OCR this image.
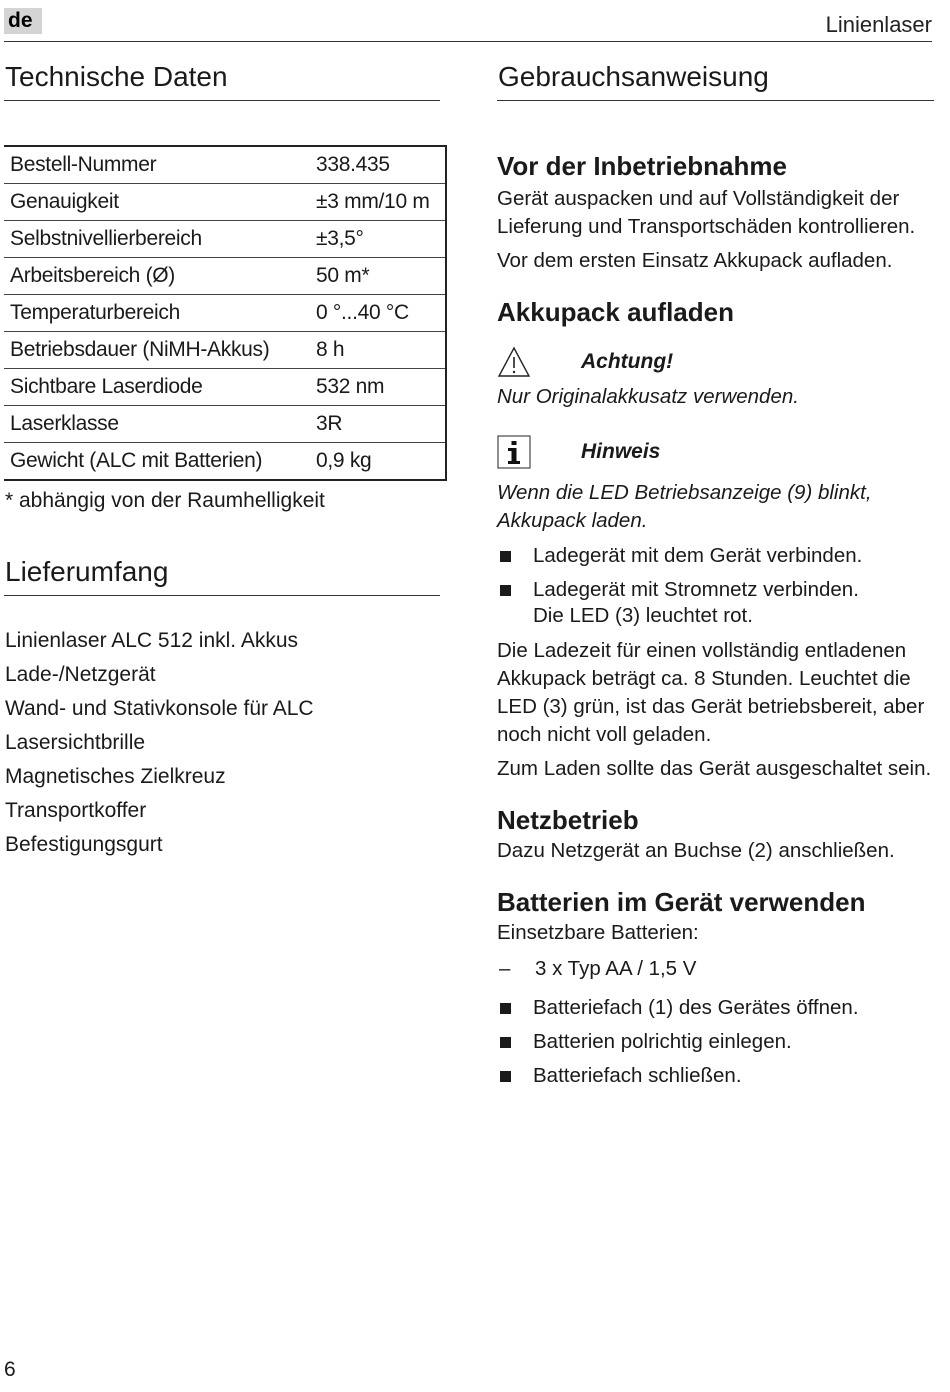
de	Linienlaser
Technische Daten
Bestell-Nummer	338.435
Genauigkeit	±3 mm/10 m
Selbstnivellierbereich	±3,5°
Arbeitsbereich (Ø)	50 m*
Temperaturbereich	0 °...40 °C
Betriebsdauer (NiMH-Akkus)	8 h
Sichtbare Laserdiode	532 nm
Laserklasse	3R
Gewicht (ALC mit Batterien)	0,9 kg
* abhängig von der Raumhelligkeit
Lieferumfang
Linienlaser ALC 512 inkl. Akkus
Lade-/Netzgerät
Wand- und Stativkonsole für ALC
Lasersichtbrille
Magnetisches Zielkreuz
Transportkoffer
Befestigungsgurt
Gebrauchsanweisung
Vor der Inbetriebnahme

Gerät auspacken und auf Vollständigkeit der Lieferung und Transportschäden kontrollieren.

Vor dem ersten Einsatz Akkupack aufladen.

Akkupack aufladen
Achtung!
Nur Originalakkusatz verwenden.
Hinweis
Wenn die LED Betriebsanzeige (9) blinkt, Akkupack laden.
Ladegerät mit dem Gerät verbinden.
Ladegerät mit Stromnetz verbinden. Die LED (3) leuchtet rot.

Die Ladezeit für einen vollständig entladenen Akkupack beträgt ca. 8 Stunden. Leuchtet die LED (3) grün, ist das Gerät betriebsbereit, aber noch nicht voll geladen.

Zum Laden sollte das Gerät ausgeschaltet sein.

Netzbetrieb

Dazu Netzgerät an Buchse (2) anschließen.

Batterien im Gerät verwenden

Einsetzbare Batterien:

–	3 x Typ AA / 1,5 V
Batteriefach (1) des Gerätes öffnen.
Batterien polrichtig einlegen.
Batteriefach schließen.
6
